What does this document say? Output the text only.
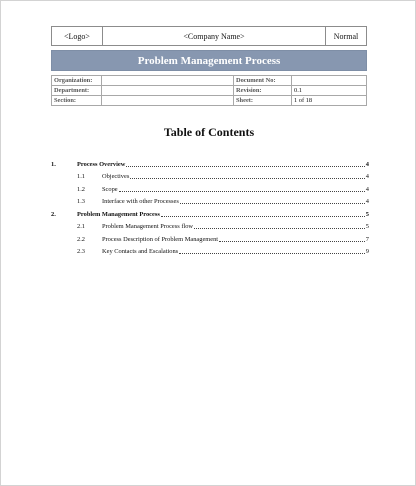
<Logo>	<Company Name>	Normal
Problem Management Process
Organization:		Document No:	
Department:		Revision:	0.1
Section:		Sheet:	1 of 18
Table of Contents
1.	Process Overview	4
1.1	Objectives	4
1.2	Scope	4
1.3	Interface with other Processes	4
2.	Problem Management Process	5
2.1	Problem Management Process flow	5
2.2	Process Description of Problem Management	7
2.3	Key Contacts and Escalations	9
